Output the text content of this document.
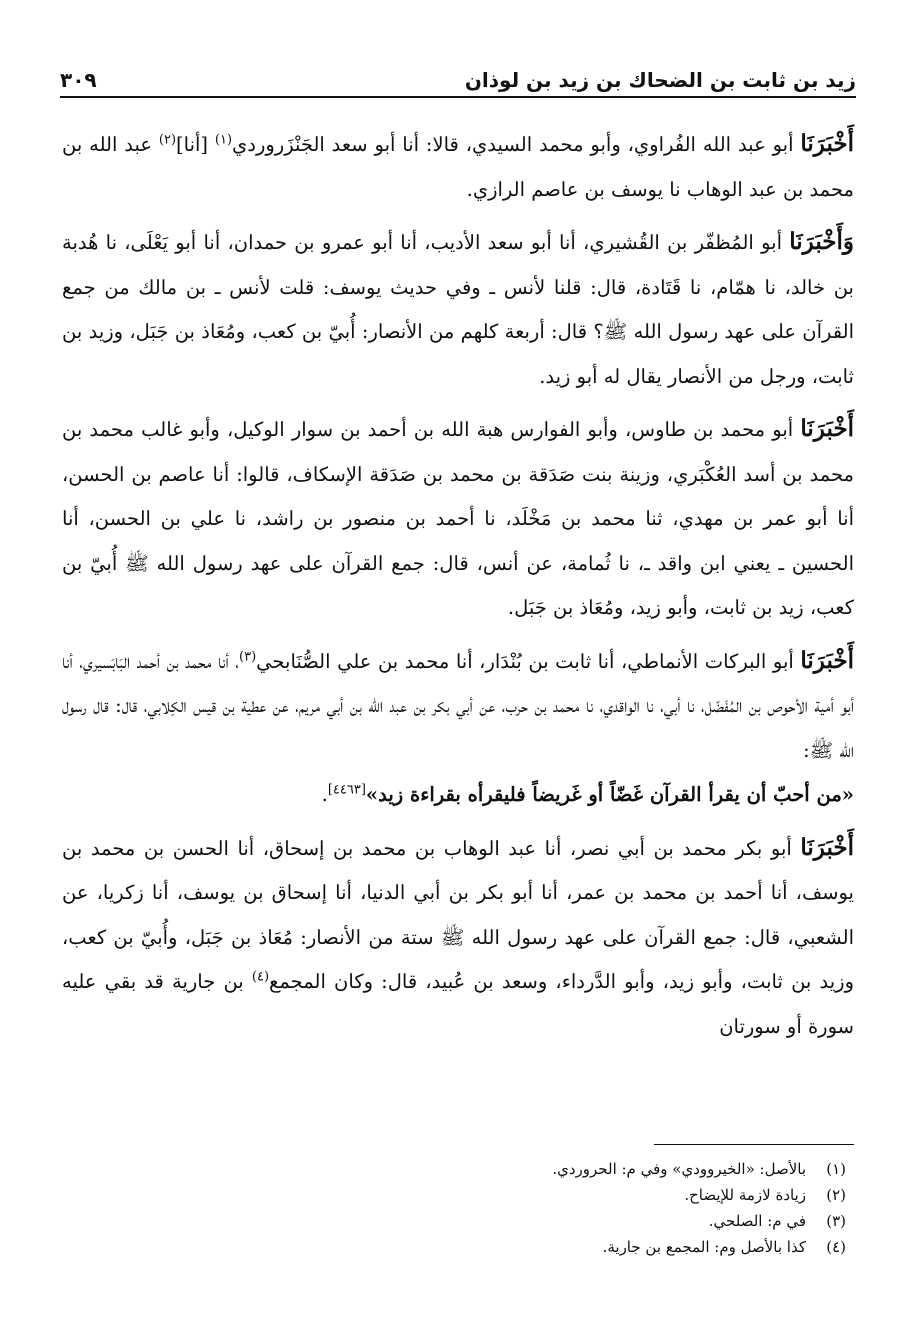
زيد بن ثابت بن الضحاك بن زيد بن لوذان
٣٠٩

أَخْبَرَنَا أبو عبد الله الفُراوي، وأبو محمد السيدي، قالا: أنا أبو سعد الجَنْزَروردي$^{(١)}$ [أنا]$^{(٢)}$ عبد الله بن محمد بن عبد الوهاب نا يوسف بن عاصم الرازي.

وَأَخْبَرَنَا أبو المُظفّر بن القُشيري، أنا أبو سعد الأديب، أنا أبو عمرو بن حمدان، أنا أبو يَعْلَى، نا هُدبة بن خالد، نا همّام، نا قَتَادة، قال: قلنا لأنس ـ وفي حديث يوسف: قلت لأنس ـ بن مالك من جمع القرآن على عهد رسول الله ﷺ؟ قال: أربعة كلهم من الأنصار: أُبيّ بن كعب، ومُعَاذ بن جَبَل، وزيد بن ثابت، ورجل من الأنصار يقال له أبو زيد.

أَخْبَرَنَا أبو محمد بن طاوس، وأبو الفوارس هبة الله بن أحمد بن سوار الوكيل، وأبو غالب محمد بن محمد بن أسد العُكْبَري، وزينة بنت صَدَقة بن محمد بن صَدَقة الإسكاف، قالوا: أنا عاصم بن الحسن، أنا أبو عمر بن مهدي، ثنا محمد بن مَخْلَد، نا أحمد بن منصور بن راشد، نا علي بن الحسن، أنا الحسين ـ يعني ابن واقد ـ، نا ثُمامة، عن أنس، قال: جمع القرآن على عهد رسول الله ﷺ أُبيّ بن كعب، زيد بن ثابت، وأبو زيد، ومُعَاذ بن جَبَل.

أَخْبَرَنَا أبو البركات الأنماطي، أنا ثابت بن بُنْدَار، أنا محمد بن علي الصُّنَابحي$^{(٣)}$، أنا محمد بن أحمد البَابَسيري، أنا أبو أمية الأحوص بن المُفَضّل، نا أبي، نا الواقدي، نا محمد بن حرب، عن أبي بكر بن عبد الله بن أبي مريم، عن عطية بن قيس الكِلابي، قال: قال رسول الله ﷺ:
«من أحبّ أن يقرأ القرآن غَضّاً أو غَريضاً فليقرأه بقراءة زيد»[٤٤٦٣].

أَخْبَرَنَا أبو بكر محمد بن أبي نصر، أنا عبد الوهاب بن محمد بن إسحاق، أنا الحسن بن محمد بن يوسف، أنا أحمد بن محمد بن عمر، أنا أبو بكر بن أبي الدنيا، أنا إسحاق بن يوسف، أنا زكريا، عن الشعبي، قال: جمع القرآن على عهد رسول الله ﷺ ستة من الأنصار: مُعَاذ بن جَبَل، وأُبيّ بن كعب، وزيد بن ثابت، وأبو زيد، وأبو الدَّرداء، وسعد بن عُبيد، قال: وكان المجمع$^{(٤)}$ بن جارية قد بقي عليه سورة أو سورتان

(١)
بالأصل: «الخيروودي» وفي م: الحروردي.
(٢)
زيادة لازمة للإيضاح.
(٣)
في م: الصلحي.
(٤)
كذا بالأصل وم: المجمع بن جارية.
